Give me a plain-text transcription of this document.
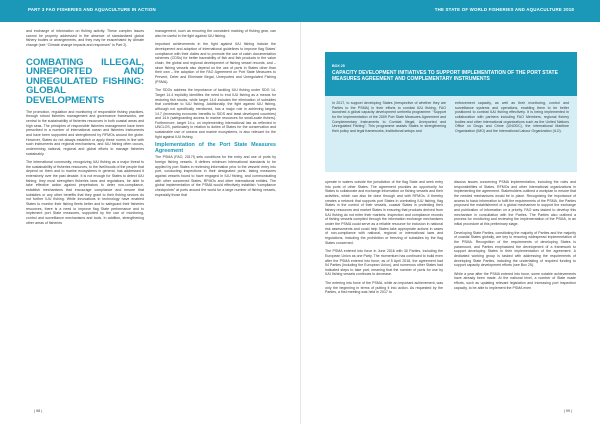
PART 3 FAO FISHERIES AND AQUACULTURE IN ACTION

and exchange of information on fishing activity. These complex issues cannot be properly addressed in the absence of standardized global fishery bodies or arrangements, and they may be exacerbated by climate change (see “Climate change impacts and responses” in Part 2).

COMBATING ILLEGAL, UNREPORTED AND UNREGULATED FISHING: GLOBAL DEVELOPMENTS

The promotion, regulation and monitoring of responsible fishing practices, through robust fisheries management and governance frameworks, are central to the sustainability of fisheries resources in both coastal areas and high seas. The principles of responsible fisheries management have been prescribed in a number of international ocean and fisheries instruments and have been supported and strengthened by RFMOs around the globe. However, States do not always establish or apply these norms in line with such instruments and regional mechanisms, and IUU fishing often occurs, undermining national, regional and global efforts to manage fisheries sustainably.

The international community, recognizing IUU fishing as a major threat to the sustainability of fisheries resources, to the livelihoods of the people that depend on them and to marine ecosystems in general, has addressed it extensively over the past decade. It is not enough for States to detect IUU fishing; they must strengthen fisheries laws and regulations, be able to take effective action against perpetrators to deter non-compliance, establish mechanisms that encourage compliance and ensure that subsidies or any other benefits that they grant to their fishing sectors do not further IUU fishing. While innovations in technology have enabled States to monitor their fishing fleets better and to safeguard their fisheries resources, there is a need to improve flag State performance and to implement port State measures, supported by the use of monitoring, control and surveillance mechanisms and tools. In addition, strengthening other areas of fisheries

management, such as ensuring the consistent marking of fishing gear, can also be useful in the fight against IUU fishing.

Important achievements in the fight against IUU fishing include the development and adoption of international guidelines to improve flag States’ compliance with their duties and to promote the use of catch documentation schemes (CDSs) for better traceability of fish and fish products in the value chain, the global and regional development of fishing vessel records, and – since fishing vessels also depend on the use of ports in States other than their own – the adoption of the FAO Agreement on Port State Measures to Prevent, Deter and Eliminate Illegal, Unreported and Unregulated Fishing (PSMA).

The SDGs address the importance of tackling IUU fishing under SDG 14. Target 14.4 explicitly identifies the need to end IUU fishing as a means for restoring fish stocks, while target 14.6 includes the elimination of subsidies that contribute to IUU fishing. Additionally, the fight against IUU fishing, although not specifically mentioned, has a major role in achieving targets 14.7 (increasing economic benefits to SIDS and least developed countries) and 14.b (safeguarding access to marine resources for small-scale fishers). Furthermore, target 14.c, on implementing international law as reflected in UNCLOS, particularly in relation to duties of States for the conservation and sustainable use of oceans and marine ecosystems, is also relevant for the fight against IUU fishing.

Implementation of the Port State Measures Agreement

The PSMA (FAO, 2017f) sets conditions for the entry and use of ports by foreign fishing vessels. It defines minimum international standards to be applied by port States in reviewing information prior to the vessels’ entry into port, conducting inspections in their designated ports, taking measures against vessels found to have engaged in IUU fishing, and communicating with other concerned States, RFMOs and other international entities. The global implementation of the PSMA would effectively establish “compliance checkpoints” at ports around the world for a large number of fishing vessels, especially those that

| 98 |
THE STATE OF WORLD FISHERIES AND AQUACULTURE 2018
BOX 25
CAPACITY DEVELOPMENT INITIATIVES TO SUPPORT IMPLEMENTATION OF THE PORT STATE MEASURES AGREEMENT AND COMPLEMENTARY INSTRUMENTS

In 2017, to support developing States (irrespective of whether they are Parties to the PSMA) in their efforts to combat IUU fishing, FAO launched a global capacity development umbrella programme: “Support for the Implementation of the 2009 Port State Measures Agreement and Complementary Instruments to Combat Illegal, Unreported and Unregulated Fishing”. This programme assists States in strengthening their policy and legal frameworks, institutional setups and

enforcement capacity, as well as their monitoring, control and surveillance systems and operations, enabling them to be better positioned to combat IUU fishing effectively. It is being implemented in collaboration with partners including FAO Members, regional fishery bodies and other international organizations such as the United Nations Office on Drugs and Crime (UNODC), the International Maritime Organization (IMO) and the International Labour Organization (ILO).

operate in waters outside the jurisdiction of the flag State and seek entry into ports of other States. The agreement provides an opportunity for States to collaborate and exchange information on fishing vessels and their activities, which can also be done through and with RFMOs. It thereby creates a network that supports port States in combating IUU fishing, flag States in the control of their vessels, coastal States in protecting their fishery resources and market States in ensuring that products derived from IUU fishing do not enter their markets. Inspection and compliance records of fishing vessels compiled through the information exchange mechanisms under the PSMA could serve as a reliable resource for inclusion in national risk assessments and could help States take appropriate actions in cases of non-compliance with national, regional or international laws and regulations, including the prohibition or freezing of subsidies by the flag States concerned.

The PSMA entered into force in June 2016 with 30 Parties, including the European Union as one Party. The momentum has continued to build even after the PSMA entered into force; as of 5 April 2018, the agreement had 54 Parties (including the European Union), and numerous other States had indicated steps to take part, meaning that the number of ports for use by IUU fishing vessels continues to decrease.

The entering into force of the PSMA, while an important achievement, was only the beginning in terms of putting it into action. As requested by the Parties, a first meeting was held in 2017 to

discuss issues concerning PSMA implementation, including the roles and responsibilities of States, RFMOs and other international organizations in implementing the agreement. Stakeholders outlined a workplan to ensure that the needed mechanisms would be in place. Recognizing the importance of access to basic information to fulfil the requirements of the PSMA, the Parties proposed the establishment of a global mechanism to support the exchange and publication of information on a priority. FAO was tasked to develop this mechanism in consultation with the Parties. The Parties also outlined a process for monitoring and reviewing the implementation of the PSMA, in an initial procedure at this preliminary stage.

Developing State Parties, constituting the majority of Parties and the majority of coastal States globally, are key to ensuring widespread implementation of the PSMA. Recognition of the requirements of developing States is paramount, and Parties emphasized the development of a framework to support developing States in their implementation of the agreement. A dedicated working group is tasked with addressing the requirements of developing State Parties, including the undertaking of required funding to support capacity development efforts (see Box 25).

While a year after the PSMA entered into force, some notable achievements have already been made. At the national level, a number of State made efforts, such as updating relevant legislation and increasing port inspection capacity, to be able to implement the PSMA even

| 99 |
